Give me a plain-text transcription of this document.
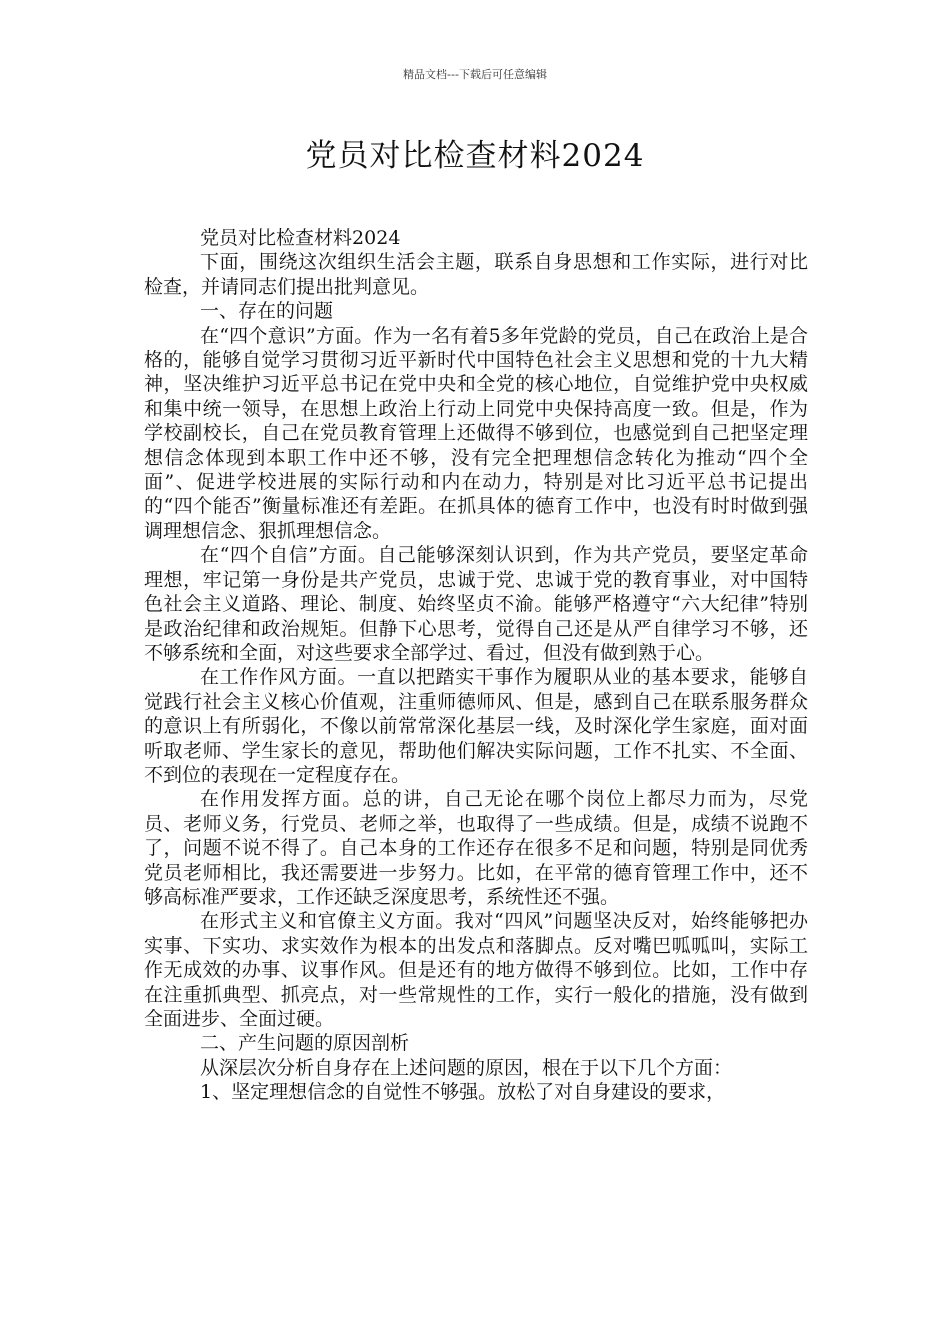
精品文档---下载后可任意编辑
党员对比检查材料2024

党员对比检查材料2024

下面，围绕这次组织生活会主题，联系自身思想和工作实际，进行对比检查，并请同志们提出批判意见。

一、存在的问题

在“四个意识”方面。作为一名有着5多年党龄的党员，自己在政治上是合格的，能够自觉学习贯彻习近平新时代中国特色社会主义思想和党的十九大精神，坚决维护习近平总书记在党中央和全党的核心地位，自觉维护党中央权威和集中统一领导，在思想上政治上行动上同党中央保持高度一致。但是，作为学校副校长，自己在党员教育管理上还做得不够到位，也感觉到自己把坚定理想信念体现到本职工作中还不够，没有完全把理想信念转化为推动“四个全面”、促进学校进展的实际行动和内在动力，特别是对比习近平总书记提出的“四个能否”衡量标准还有差距。在抓具体的德育工作中，也没有时时做到强调理想信念、狠抓理想信念。

在“四个自信”方面。自己能够深刻认识到，作为共产党员，要坚定革命理想，牢记第一身份是共产党员，忠诚于党、忠诚于党的教育事业，对中国特色社会主义道路、理论、制度、始终坚贞不渝。能够严格遵守“六大纪律”特别是政治纪律和政治规矩。但静下心思考，觉得自己还是从严自律学习不够，还不够系统和全面，对这些要求全部学过、看过，但没有做到熟于心。

在工作作风方面。一直以把踏实干事作为履职从业的基本要求，能够自觉践行社会主义核心价值观，注重师德师风、但是，感到自己在联系服务群众的意识上有所弱化，不像以前常常深化基层一线，及时深化学生家庭，面对面听取老师、学生家长的意见，帮助他们解决实际问题，工作不扎实、不全面、不到位的表现在一定程度存在。

在作用发挥方面。总的讲，自己无论在哪个岗位上都尽力而为，尽党员、老师义务，行党员、老师之举，也取得了一些成绩。但是，成绩不说跑不了，问题不说不得了。自己本身的工作还存在很多不足和问题，特别是同优秀党员老师相比，我还需要进一步努力。比如，在平常的德育管理工作中，还不够高标准严要求，工作还缺乏深度思考，系统性还不强。

在形式主义和官僚主义方面。我对“四风”问题坚决反对，始终能够把办实事、下实功、求实效作为根本的出发点和落脚点。反对嘴巴呱呱叫，实际工作无成效的办事、议事作风。但是还有的地方做得不够到位。比如，工作中存在注重抓典型、抓亮点，对一些常规性的工作，实行一般化的措施，没有做到全面进步、全面过硬。

二、产生问题的原因剖析

从深层次分析自身存在上述问题的原因，根在于以下几个方面：

1、坚定理想信念的自觉性不够强。放松了对自身建设的要求，
